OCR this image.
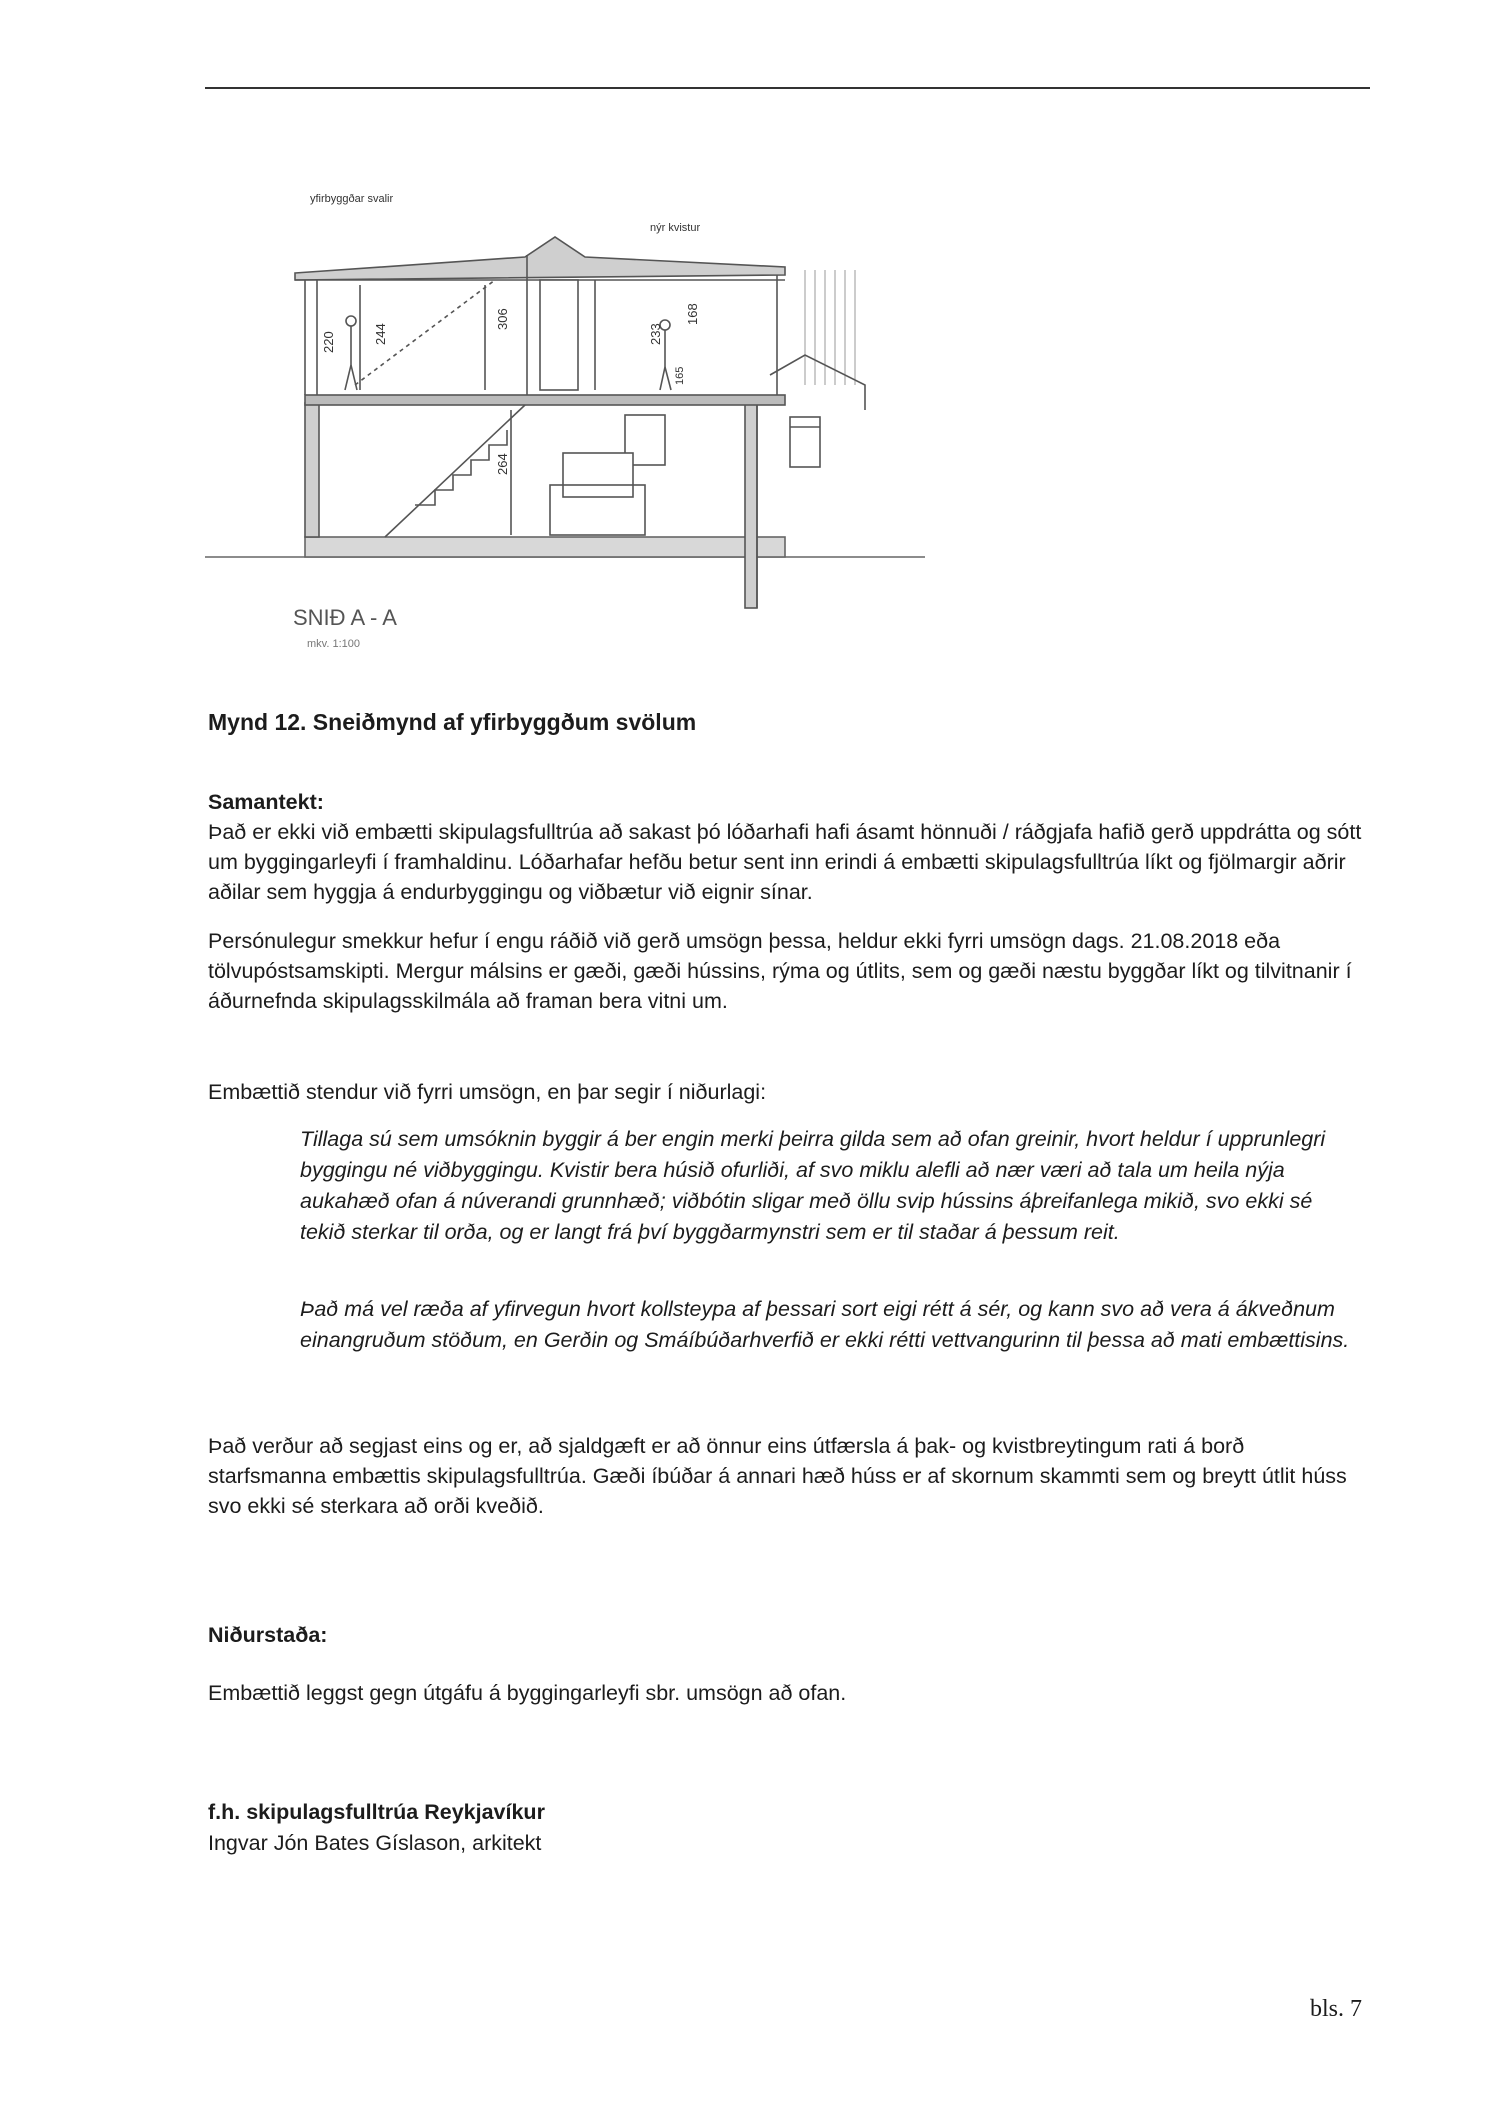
yfirbyggðar svalir
nýr kvistur
220	244
306
233
168
165
264
SNIÐ A - A
mkv. 1:100

Mynd 12. Sneiðmynd af yfirbyggðum svölum

Samantekt:

Það er ekki við embætti skipulagsfulltrúa að sakast þó lóðarhafi hafi ásamt hönnuði / ráðgjafa hafið gerð uppdrátta og sótt um byggingarleyfi í framhaldinu. Lóðarhafar hefðu betur sent inn erindi á embætti skipulagsfulltrúa líkt og fjölmargir aðrir aðilar sem hyggja á endurbyggingu og viðbætur við eignir sínar.

Persónulegur smekkur hefur í engu ráðið við gerð umsögn þessa, heldur ekki fyrri umsögn dags. 21.08.2018 eða tölvupóstsamskipti. Mergur málsins er gæði, gæði hússins, rýma og útlits, sem og gæði næstu byggðar líkt og tilvitnanir í áðurnefnda skipulagsskilmála að framan bera vitni um.

Embættið stendur við fyrri umsögn, en þar segir í niðurlagi:

Tillaga sú sem umsóknin byggir á ber engin merki þeirra gilda sem að ofan greinir, hvort heldur í upprunlegri byggingu né viðbyggingu. Kvistir bera húsið ofurliði, af svo miklu alefli að nær væri að tala um heila nýja aukahæð ofan á núverandi grunnhæð; viðbótin sligar með öllu svip hússins áþreifanlega mikið, svo ekki sé tekið sterkar til orða, og er langt frá því byggðarmynstri sem er til staðar á þessum reit.

Það má vel ræða af yfirvegun hvort kollsteypa af þessari sort eigi rétt á sér, og kann svo að vera á ákveðnum einangruðum stöðum, en Gerðin og Smáíbúðarhverfið er ekki rétti vettvangurinn til þessa að mati embættisins.

Það verður að segjast eins og er, að sjaldgæft er að önnur eins útfærsla á þak- og kvistbreytingum rati á borð starfsmanna embættis skipulagsfulltrúa. Gæði íbúðar á annari hæð húss er af skornum skammti sem og breytt útlit húss svo ekki sé sterkara að orði kveðið.

Niðurstaða:

Embættið leggst gegn útgáfu á byggingarleyfi sbr. umsögn að ofan.

f.h. skipulagsfulltrúa Reykjavíkur

Ingvar Jón Bates Gíslason, arkitekt

bls. 7
